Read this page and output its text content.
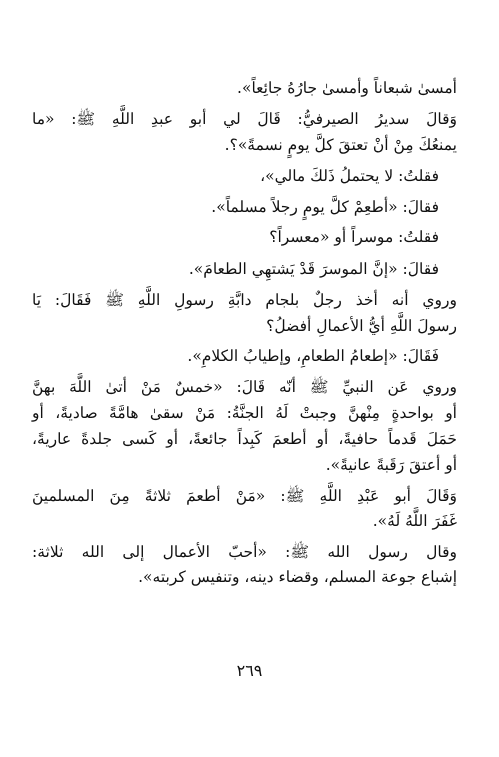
أمسىٰ شبعاناً وأمسىٰ جارُهُ جائِعاً».
وَقالَ سديرُ الصيرفيُّ: قَالَ لي أبو عبدِ اللَّهِ ﷺ: «ما
يمنعُكَ مِنْ أنْ تعتقَ كلَّ يومٍ نسمةً»؟.
فقلتُ: لا يحتملُ ذَلكَ مالي»،
فقالَ: «أطعِمْ كلَّ يومٍ رجلاً مسلماً».
فقلتُ: موسراً أو «معسراً؟
فقالَ: «إنَّ الموسرَ قَدْ يَشتهِي الطعامَ».
وروي أنه أخذ رجلٌ بلجام دابَّةِ رسولِ اللَّهِ ﷺ فَقَالَ: يَا
رسولَ اللَّهِ أيُّ الأعمالِ أفضلُ؟
فَقَالَ: «إطعامُ الطعامِ، وإطيابُ الكلامِ».
وروي عَن النبيِّ ﷺ أنّه قَالَ: «خمسٌ مَنْ أتىٰ اللَّهَ بهنَّ
أو بواحدةٍ مِنْهنَّ وجبتْ لَهُ الجنَّةُ: مَنْ سقىٰ هامَّةً صاديةً، أو
حَمَلَ قَدماً حافيةً، أو أطعمَ كَبِداً جائعةً، أو كَسى جلدةً عاريةً،
أو أعتقَ رَقَبةً عانيةً».
وَقَالَ أبو عَبْدِ اللَّهِ ﷺ: «مَنْ أطعمَ ثلاثةً مِنَ المسلمينَ
غَفَرَ اللَّهُ لَهُ».
وقال رسول الله ﷺ: «أحبّ الأعمال إلى الله ثلاثة:
إشباع جوعة المسلم، وقضاء دينه، وتنفيس كربته».
٢٦٩
